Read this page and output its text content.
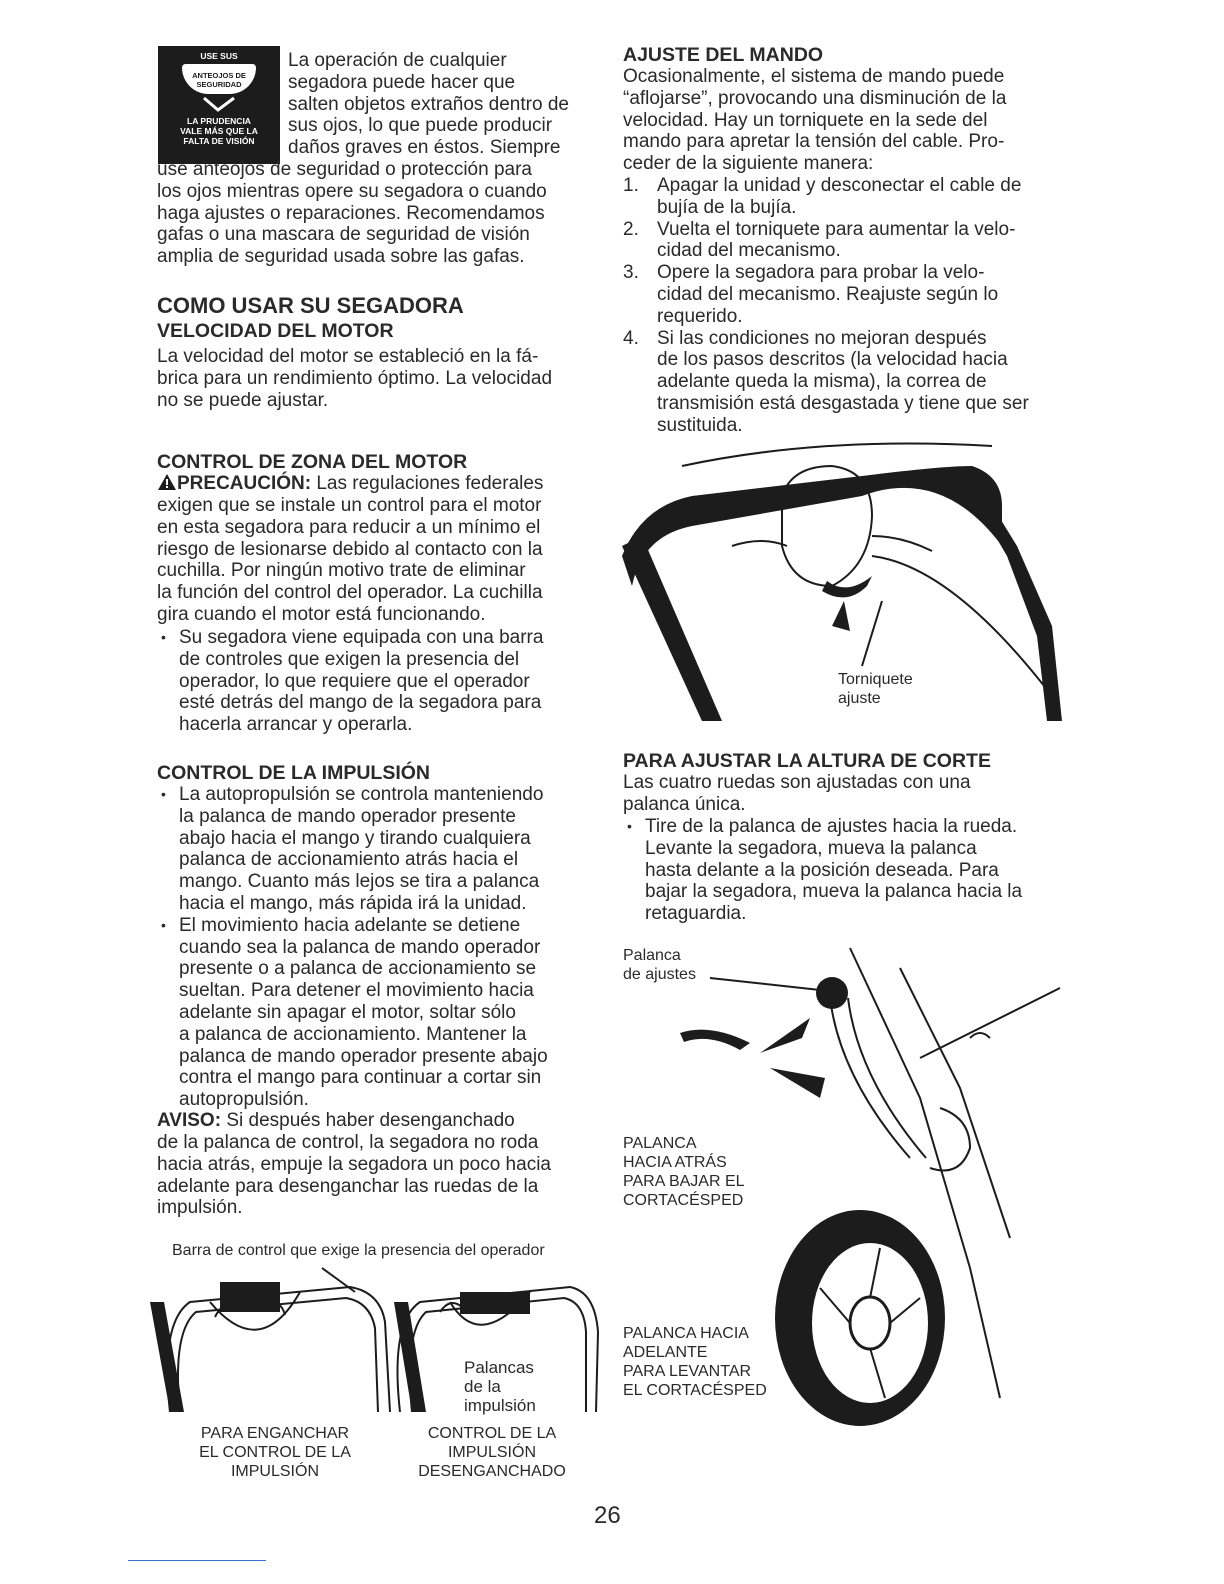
USE SUS
ANTEOJOS DE
SEGURIDAD
LA PRUDENCIA
VALE MÁS QUE LA
FALTA DE VISIÓN

La operación de cualquier
segadora puede hacer que
salten objetos extraños dentro de
sus ojos, lo que puede producir
daños graves en éstos. Siempre

use anteojos de seguridad o protección para
los ojos mientras opere su segadora o cuando
haga ajustes o reparaciones. Recomendamos
gafas o una mascara de seguridad de visión
amplia de seguridad usada sobre las gafas.

COMO USAR SU SEGADORA
VELOCIDAD DEL MOTOR

La velocidad del motor se estableció en la fá-
brica para un rendimiento óptimo. La velocidad
no se puede ajustar.

CONTROL DE ZONA DEL MOTOR
PRECAUCIÓN: Las regulaciones federales

exigen que se instale un control para el motor
en esta segadora para reducir a un mínimo el
riesgo de lesionarse debido al contacto con la
cuchilla. Por ningún motivo trate de eliminar
la función del control del operador. La cuchilla
gira cuando el motor está funcionando.

• Su segadora viene equipada con una barra
de controles que exigen la presencia del
operador, lo que requiere que el operador
esté detrás del mango de la segadora para
hacerla arrancar y operarla.
CONTROL DE LA IMPULSIÓN
• La autopropulsión se controla manteniendo
la palanca de mando operador presente
abajo hacia el mango y tirando cualquiera
palanca de accionamiento atrás hacia el
mango. Cuanto más lejos se tira a palanca
hacia el mango, más rápida irá la unidad.
• El movimiento hacia adelante se detiene
cuando sea la palanca de mando operador
presente o a palanca de accionamiento se
sueltan. Para detener el movimiento hacia
adelante sin apagar el motor, soltar sólo
a palanca de accionamiento. Mantener la
palanca de mando operador presente abajo
contra el mango para continuar a cortar sin
autopropulsión.
AVISO: Si después haber desenganchado

de la palanca de control, la segadora no roda
hacia atrás, empuje la segadora un poco hacia
adelante para desenganchar las ruedas de la
impulsión.

Barra de control que exige la presencia del operador
Palancas
de la
impulsión
PARA ENGANCHAR
EL CONTROL DE LA
IMPULSIÓN
CONTROL DE LA
IMPULSIÓN
DESENGANCHADO
AJUSTE DEL MANDO

Ocasionalmente, el sistema de mando puede
“aflojarse”, provocando una disminución de la
velocidad. Hay un torniquete en la sede del
mando para apretar la tensión del cable. Pro-
ceder de la siguiente manera:

1. Apagar la unidad y desconectar el cable de
bujía de la bujía.
2. Vuelta el torniquete para aumentar la velo-
cidad del mecanismo.
3. Opere la segadora para probar la velo-
cidad del mecanismo. Reajuste según lo
requerido.
4. Si las condiciones no mejoran después
de los pasos descritos (la velocidad hacia
adelante queda la misma), la correa de
transmisión está desgastada y tiene que ser
sustituida.
Torniquete
ajuste
PARA AJUSTAR LA ALTURA DE CORTE

Las cuatro ruedas son ajustadas con una
palanca única.

• Tire de la palanca de ajustes hacia la rueda.
Levante la segadora, mueva la palanca
hasta delante a la posición deseada. Para
bajar la segadora, mueva la palanca hacia la
retaguardia.
Palanca
de ajustes
PALANCA
HACIA ATRÁS
PARA BAJAR EL
CORTACÉSPED
PALANCA HACIA
ADELANTE
PARA LEVANTAR
EL CORTACÉSPED
26
